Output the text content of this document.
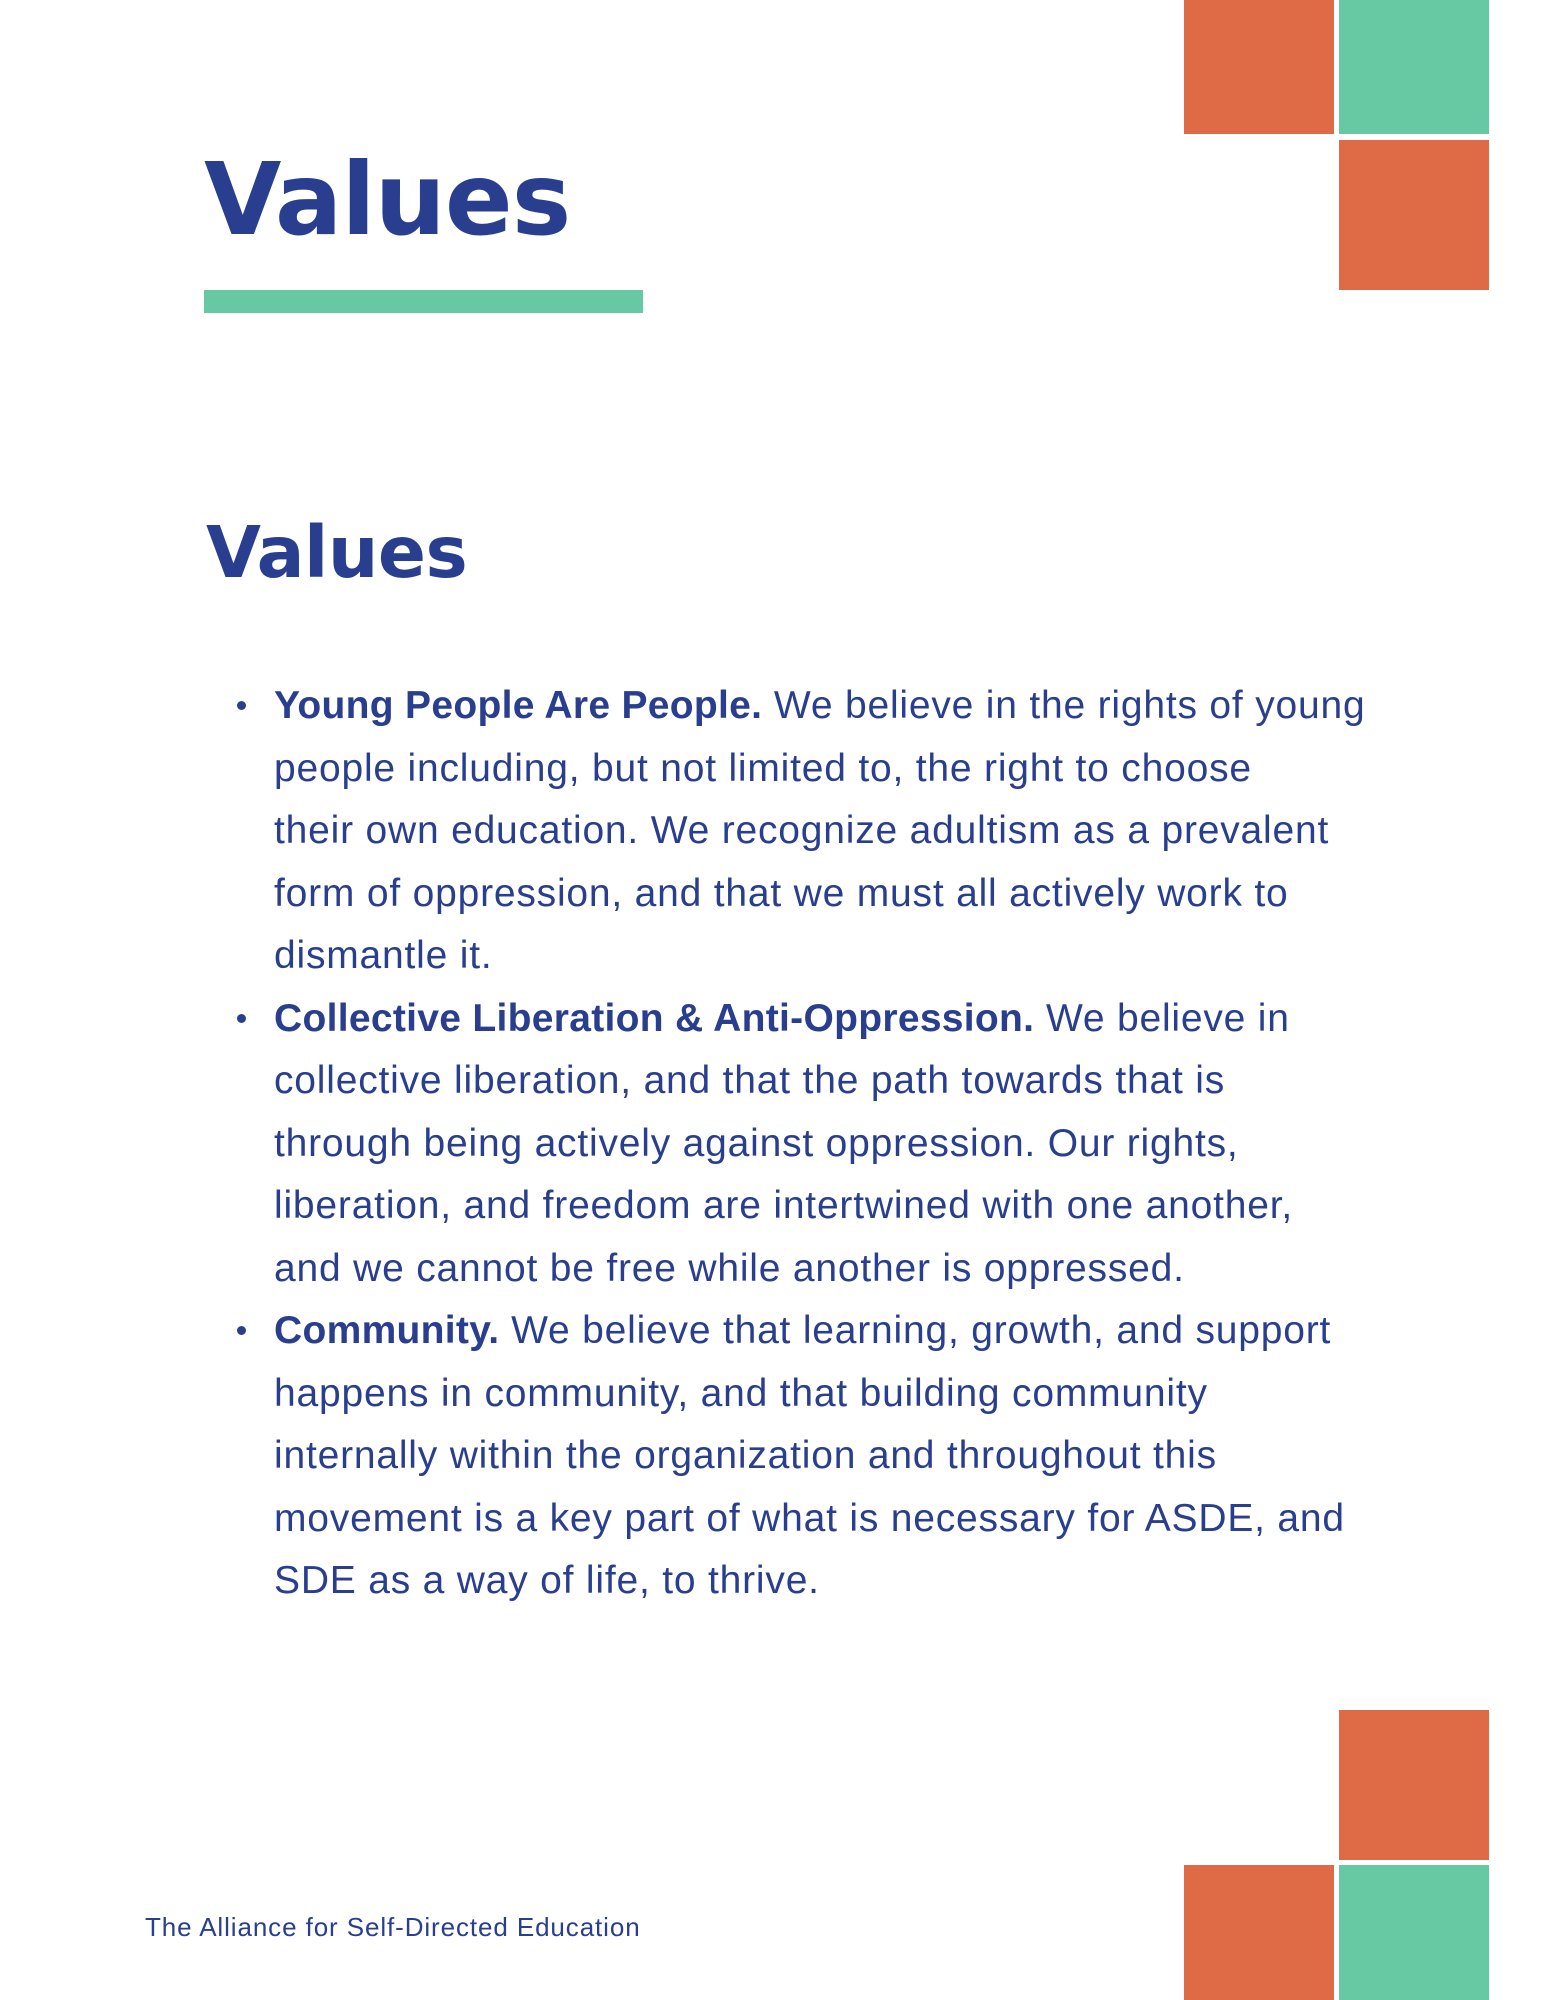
Values
Values
Young People Are People. We believe in the rights of young
people including, but not limited to, the right to choose
their own education. We recognize adultism as a prevalent
form of oppression, and that we must all actively work to
dismantle it.
Collective Liberation & Anti-Oppression. We believe in
collective liberation, and that the path towards that is
through being actively against oppression. Our rights,
liberation, and freedom are intertwined with one another,
and we cannot be free while another is oppressed.
Community. We believe that learning, growth, and support
happens in community, and that building community
internally within the organization and throughout this
movement is a key part of what is necessary for ASDE, and
SDE as a way of life, to thrive.
The Alliance for Self-Directed Education
